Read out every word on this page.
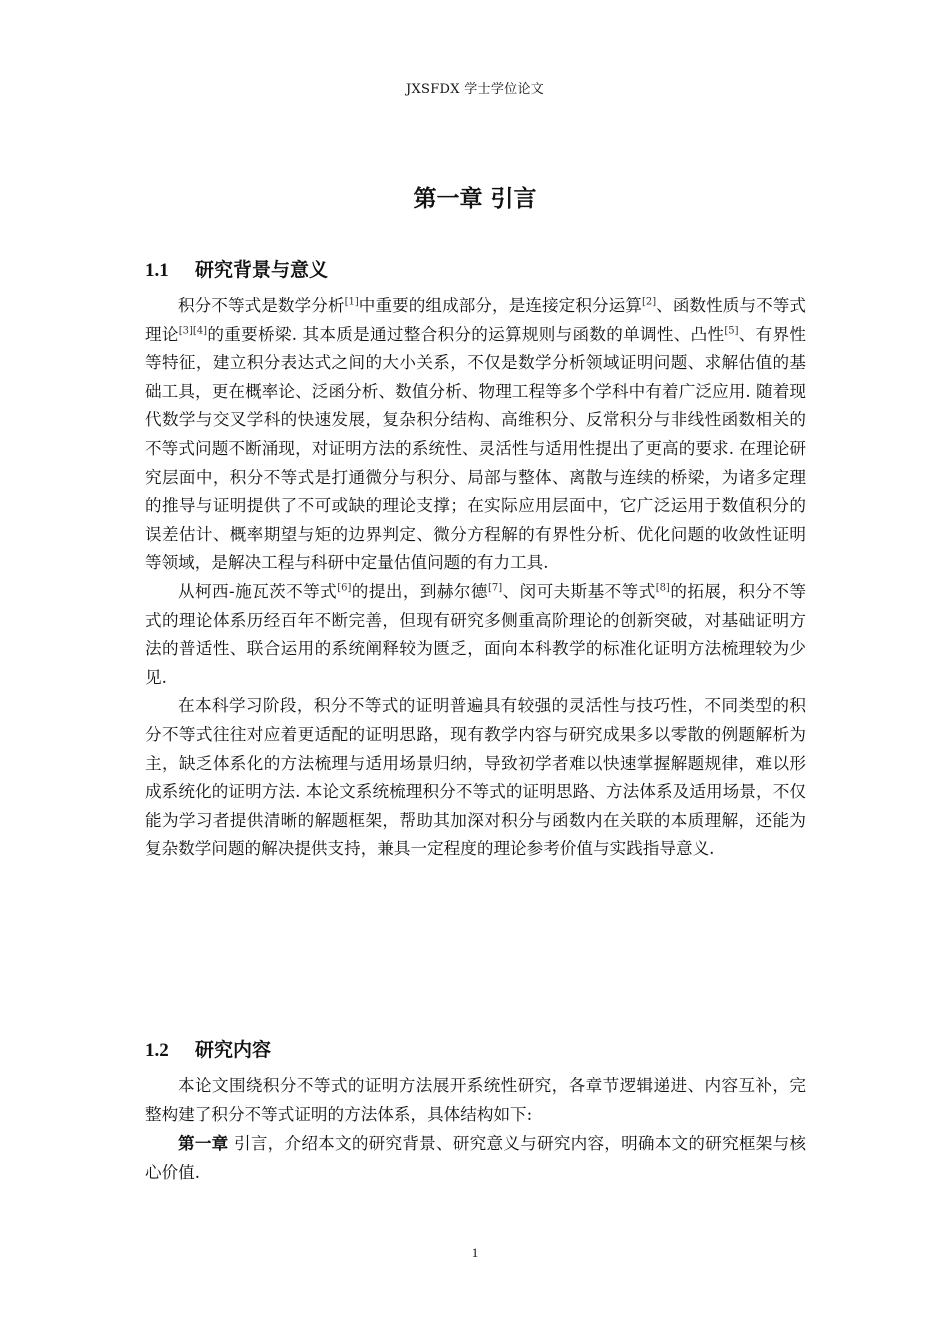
JXSFDX 学士学位论文
第一章 引言
1.1 研究背景与意义

积分不等式是数学分析[1]中重要的组成部分，是连接定积分运算[2]、函数性质与不等式理论[3][4]的重要桥梁. 其本质是通过整合积分的运算规则与函数的单调性、凸性[5]、有界性等特征，建立积分表达式之间的大小关系，不仅是数学分析领域证明问题、求解估值的基础工具，更在概率论、泛函分析、数值分析、物理工程等多个学科中有着广泛应用. 随着现代数学与交叉学科的快速发展，复杂积分结构、高维积分、反常积分与非线性函数相关的不等式问题不断涌现，对证明方法的系统性、灵活性与适用性提出了更高的要求. 在理论研究层面中，积分不等式是打通微分与积分、局部与整体、离散与连续的桥梁，为诸多定理的推导与证明提供了不可或缺的理论支撑；在实际应用层面中，它广泛运用于数值积分的误差估计、概率期望与矩的边界判定、微分方程解的有界性分析、优化问题的收敛性证明等领域，是解决工程与科研中定量估值问题的有力工具.

从柯西-施瓦茨不等式[6]的提出，到赫尔德[7]、闵可夫斯基不等式[8]的拓展，积分不等式的理论体系历经百年不断完善，但现有研究多侧重高阶理论的创新突破，对基础证明方法的普适性、联合运用的系统阐释较为匮乏，面向本科教学的标准化证明方法梳理较为少见.

在本科学习阶段，积分不等式的证明普遍具有较强的灵活性与技巧性，不同类型的积分不等式往往对应着更适配的证明思路，现有教学内容与研究成果多以零散的例题解析为主，缺乏体系化的方法梳理与适用场景归纳，导致初学者难以快速掌握解题规律，难以形成系统化的证明方法. 本论文系统梳理积分不等式的证明思路、方法体系及适用场景，不仅能为学习者提供清晰的解题框架，帮助其加深对积分与函数内在关联的本质理解，还能为复杂数学问题的解决提供支持，兼具一定程度的理论参考价值与实践指导意义.

1.2 研究内容

本论文围绕积分不等式的证明方法展开系统性研究，各章节逻辑递进、内容互补，完整构建了积分不等式证明的方法体系，具体结构如下:

第一章 引言，介绍本文的研究背景、研究意义与研究内容，明确本文的研究框架与核心价值.

1
